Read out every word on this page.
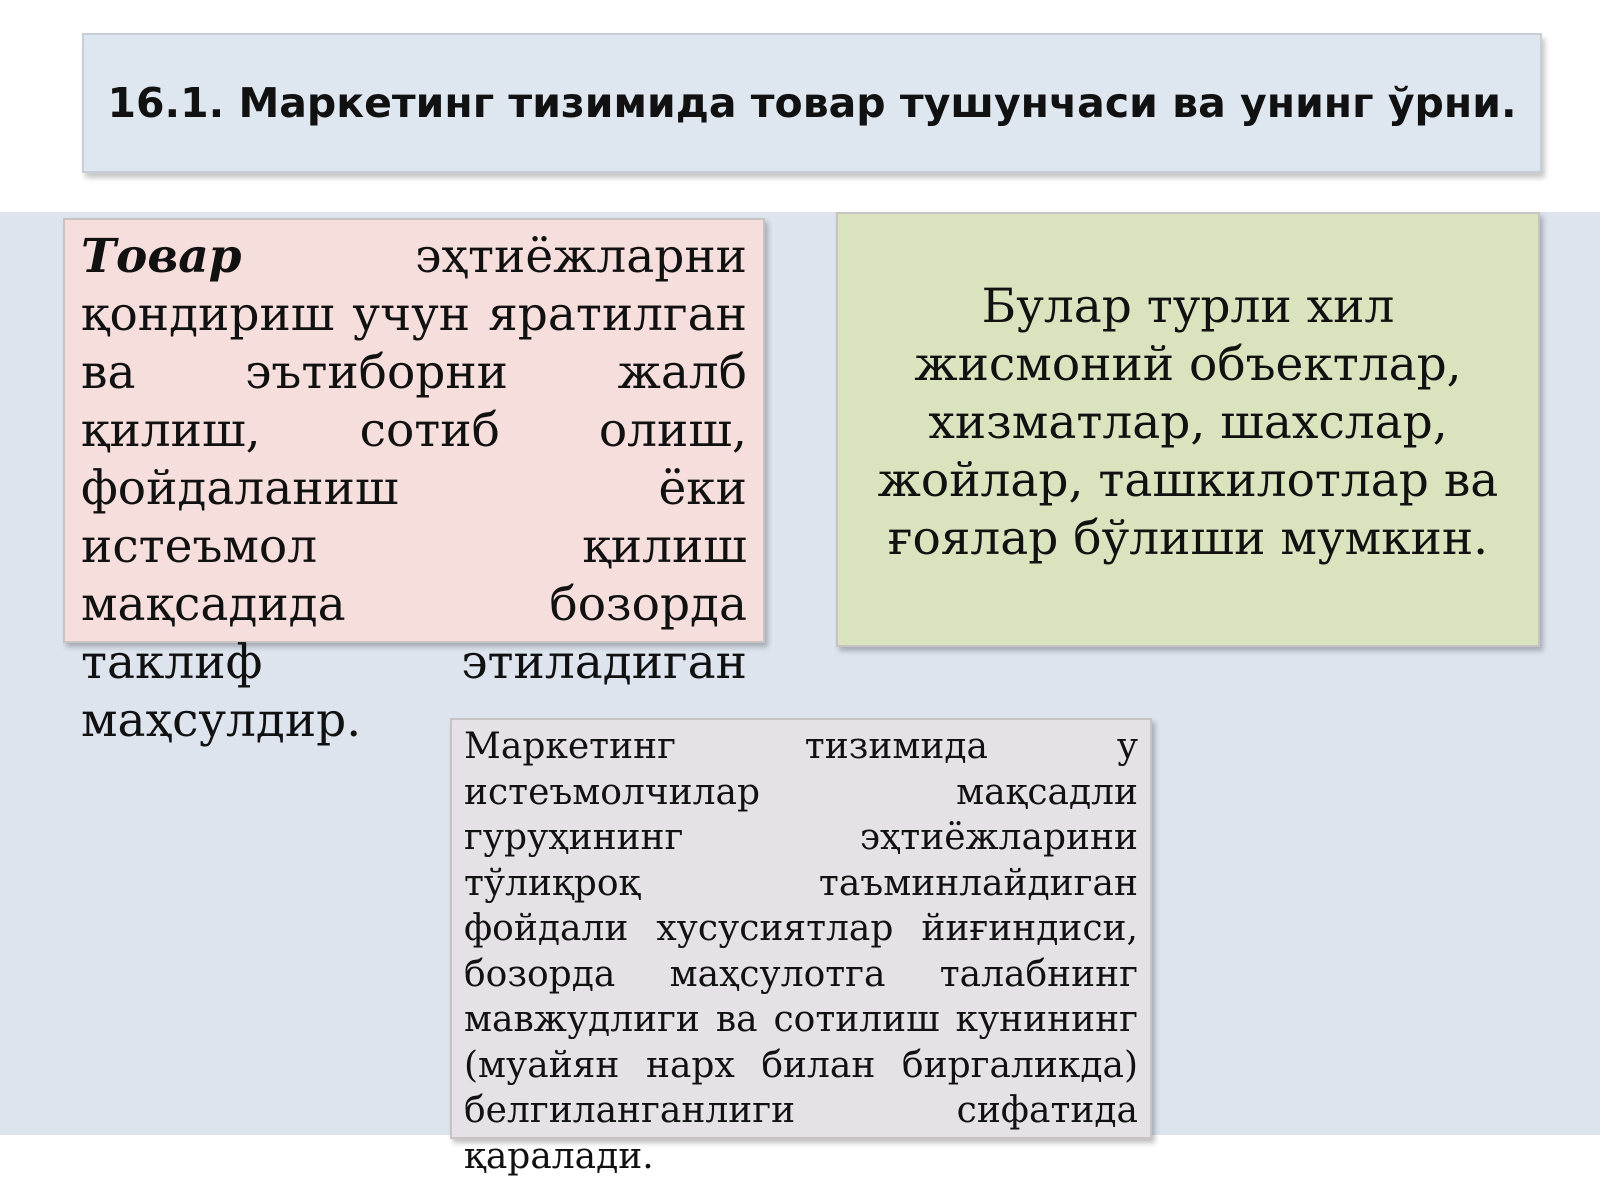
16.1. Маркетинг тизимида товар тушунчаси ва унинг ўрни.
Товар эҳтиёжларни қондириш учун яратилган ва эътиборни жалб қилиш, сотиб олиш, фойдаланиш ёки истеъмол қилиш мақсадида бозорда таклиф этиладиган маҳсулдир.
Булар турли хил жисмоний объектлар, хизматлар, шахслар, жойлар, ташкилотлар ва ғоялар бўлиши мумкин.
Маркетинг тизимида у истеъмолчилар мақсадли гуруҳининг эҳтиёжларини тўлиқроқ таъминлайдиган фойдали хусусиятлар йиғиндиси, бозорда маҳсулотга талабнинг мавжудлиги ва сотилиш кунининг (муайян нарх билан биргаликда) белгиланганлиги сифатида қаралади.
